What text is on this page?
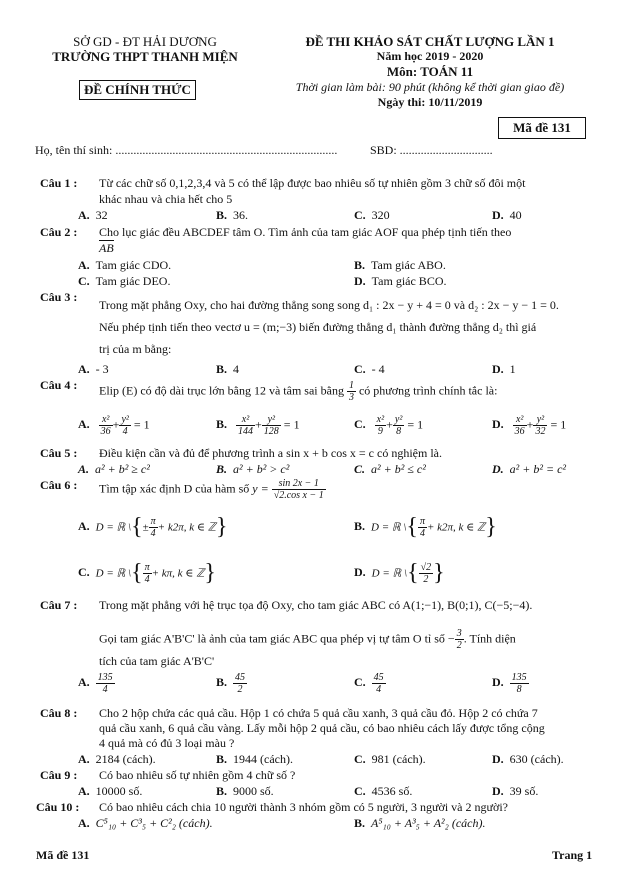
SỞ GD - ĐT HẢI DƯƠNG
TRƯỜNG THPT THANH MIỆN
ĐỀ CHÍNH THỨC
ĐỀ THI KHẢO SÁT CHẤT LƯỢNG LẦN 1
Năm học 2019 - 2020
Môn: TOÁN 11
Thời gian làm bài: 90 phút (không kể thời gian giao đề)
Ngày thi: 10/11/2019
Mã đề 131
Họ, tên thí sinh: ..........................................................................	SBD: ...............................
Câu 1 : Từ các chữ số 0,1,2,3,4 và 5 có thể lập được bao nhiêu số tự nhiên gồm 3 chữ số đôi một
khác nhau và chia hết cho 5
A. 32	B. 36.	C. 320	D. 40
Câu 2 : Cho lục giác đều ABCDEF tâm O. Tìm ảnh của tam giác AOF qua phép tịnh tiến theo
AB
A. Tam giác CDO.	B. Tam giác ABO.
C. Tam giác DEO.	D. Tam giác BCO.
Câu 3 :
Trong mặt phẳng Oxy, cho hai đường thẳng song song d₁ : 2x − y + 4 = 0 và d₂ : 2x − y − 1 = 0.
Nếu phép tịnh tiến theo vectơ u = (m;−3) biến đường thẳng d₁ thành đường thẳng d₂ thì giá
trị của m bằng:
A. - 3	B. 4	C. - 4	D. 1
Câu 4 : Elip (E) có độ dài trục lớn bằng 12 và tâm sai bằng $\frac{1}{3}$ có phương trình chính tắc là:
A. $\frac{\text{x²}}{36} + \frac{\text{y²}}{4} = 1$	B. $\frac{\text{x²}}{144} + \frac{\text{y²}}{128} = 1$	C. $\frac{\text{x²}}{9} + \frac{\text{y²}}{8} = 1$	D. $\frac{\text{x²}}{36} + \frac{\text{y²}}{32} = 1$
Câu 5 : Điều kiện cần và đủ để phương trình a sin x + b cos x = c có nghiệm là.
A. a² + b² ≥ c²	B. a² + b² > c²	C. a² + b² ≤ c²	D. a² + b² = c²
Câu 6 : Tìm tập xác định D của hàm số $y = \frac{\sin 2x - 1}{\text{√2.cos x − 1}}$
A. D = ℝ \{± $\frac{\pi}{4} + k2\pi$, k ∈ ℤ}	B. D = ℝ \{ $\frac{\pi}{4} + k2\pi$, k ∈ ℤ}
C. D = ℝ \{ $\frac{\pi}{4} + k\pi$, k ∈ ℤ}	D. D = ℝ \{ $\frac{√2}{2}$ }
Câu 7 : Trong mặt phẳng với hệ trục tọa độ Oxy, cho tam giác ABC có A(1;−1), B(0;1), C(−5;−4).
Gọi tam giác A'B'C' là ảnh của tam giác ABC qua phép vị tự tâm O tỉ số − $\frac{3}{2}$ . Tính diện
tích của tam giác A'B'C'
A. $\frac{135}{4}$	B. $\frac{45}{2}$	C. $\frac{45}{4}$	D. $\frac{135}{8}$
Câu 8 : Cho 2 hộp chứa các quả cầu. Hộp 1 có chứa 5 quả cầu xanh, 3 quả cầu đỏ. Hộp 2 có chứa 7
quả cầu xanh, 6 quả cầu vàng. Lấy mỗi hộp 2 quả cầu, có bao nhiêu cách lấy được tổng cộng
4 quả mà có đủ 3 loại màu ?
A. 2184 (cách).	B. 1944 (cách).	C. 981 (cách).	D. 630 (cách).
Câu 9 : Có bao nhiêu số tự nhiên gồm 4 chữ số ?
A. 10000 số.	B. 9000 số.	C. 4536 số.	D. 39 số.
Câu 10 : Có bao nhiêu cách chia 10 người thành 3 nhóm gồm có 5 người, 3 người và 2 người?
A. C⁵₁₀ + C³₅ + C²₂ (cách).	B. A⁵₁₀ + A³₅ + A²₂ (cách).
Mã đề 131	Trang 1
